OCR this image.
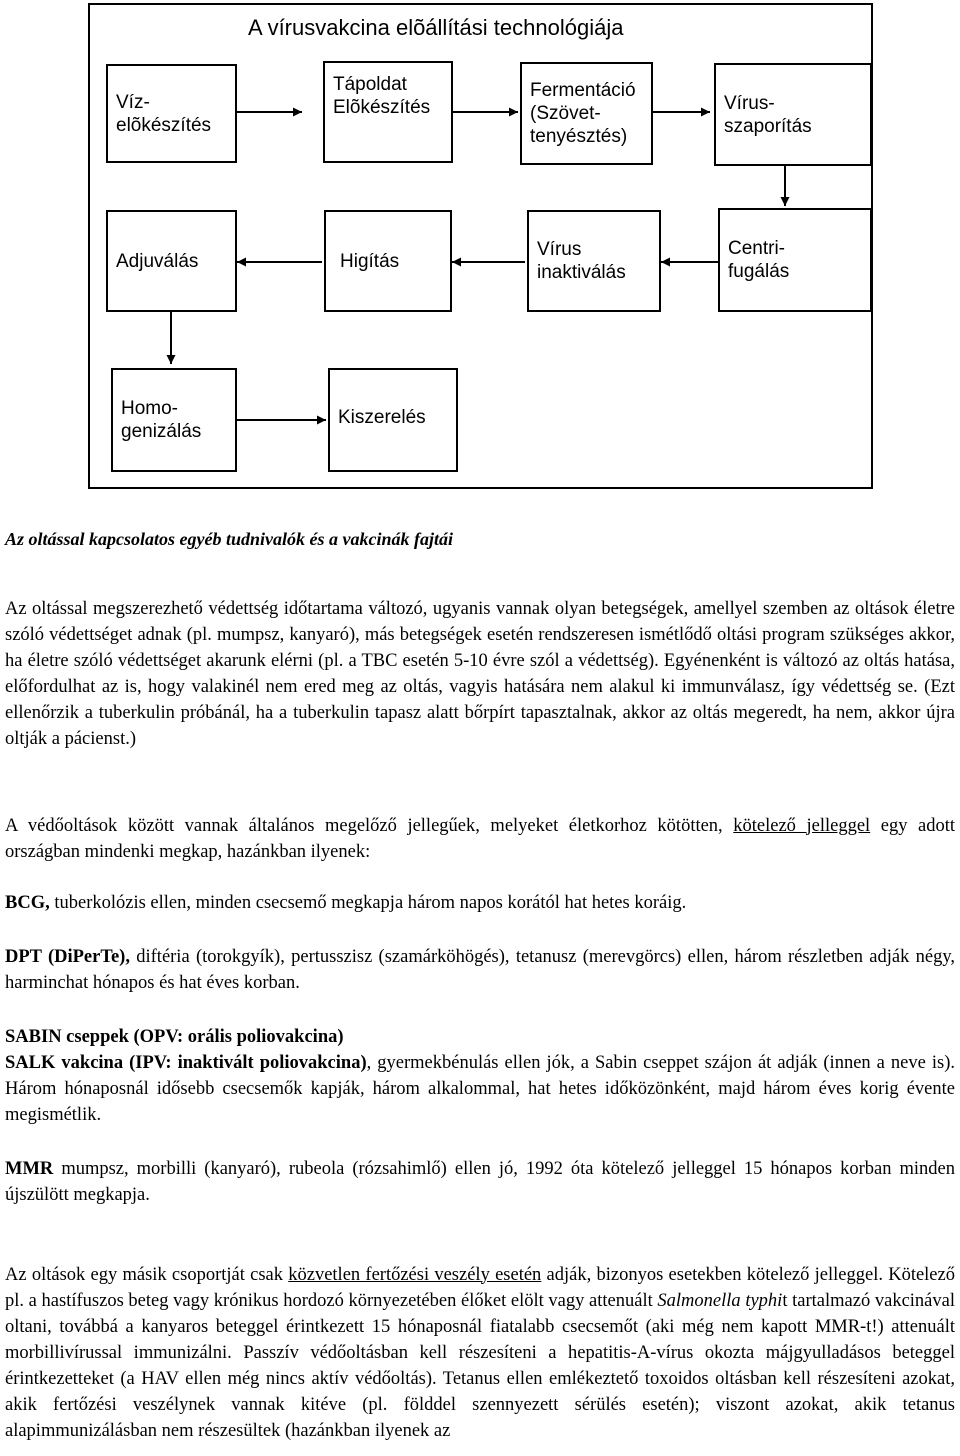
A vírusvakcina elõállítási technológiája
Víz-
elõkészítés
Tápoldat
Elõkészítés
Fermentáció
(Szövet-
tenyésztés)
Vírus-
szaporítás
Adjuválás	Higítás
Vírus
inaktiválás
Centri-
fugálás
Homo-
genizálás
Kiszerelés
Az oltással kapcsolatos egyéb tudnivalók és a vakcinák fajtái

Az oltással megszerezhető védettség időtartama változó, ugyanis vannak olyan betegségek, amellyel szemben az oltások életre szóló védettséget adnak (pl. mumpsz, kanyaró), más betegségek esetén rendszeresen ismétlődő oltási program szükséges akkor, ha életre szóló védettséget akarunk elérni (pl. a TBC esetén 5-10 évre szól a védettség). Egyénenként is változó az oltás hatása, előfordulhat az is, hogy valakinél nem ered meg az oltás, vagyis hatására nem alakul ki immunválasz, így védettség se. (Ezt ellenőrzik a tuberkulin próbánál, ha a tuberkulin tapasz alatt bőrpírt tapasztalnak, akkor az oltás megeredt, ha nem, akkor újra oltják a pácienst.)

A védőoltások között vannak általános megelőző jellegűek, melyeket életkorhoz kötötten, kötelező jelleggel egy adott országban mindenki megkap, hazánkban ilyenek:

BCG, tuberkolózis ellen, minden csecsemő megkapja három napos korától hat hetes koráig.

DPT (DiPerTe), diftéria (torokgyík), pertusszisz (szamárköhögés), tetanusz (merevgörcs) ellen, három részletben adják négy, harminchat hónapos és hat éves korban.

SABIN cseppek (OPV: orális poliovakcina)
SALK vakcina (IPV: inaktivált poliovakcina), gyermekbénulás ellen jók, a Sabin cseppet szájon át adják (innen a neve is). Három hónaposnál idősebb csecsemők kapják, három alkalommal, hat hetes időközönként, majd három éves korig évente megismétlik.

MMR mumpsz, morbilli (kanyaró), rubeola (rózsahimlő) ellen jó, 1992 óta kötelező jelleggel 15 hónapos korban minden újszülött megkapja.

Az oltások egy másik csoportját csak közvetlen fertőzési veszély esetén adják, bizonyos esetekben kötelező jelleggel. Kötelező pl. a hastífuszos beteg vagy krónikus hordozó környezetében élőket elölt vagy attenuált Salmonella typhit tartalmazó vakcinával oltani, továbbá a kanyaros beteggel érintkezett 15 hónaposnál fiatalabb csecsemőt (aki még nem kapott MMR-t!) attenuált morbillivírussal immunizálni. Passzív védőoltásban kell részesíteni a hepatitis-A-vírus okozta májgyulladásos beteggel érintkezetteket (a HAV ellen még nincs aktív védőoltás). Tetanus ellen emlékeztető toxoidos oltásban kell részesíteni azokat, akik fertőzési veszélynek vannak kitéve (pl. földdel szennyezett sérülés esetén); viszont azokat, akik tetanus alapimmunizálásban nem részesültek (hazánkban ilyenek az
